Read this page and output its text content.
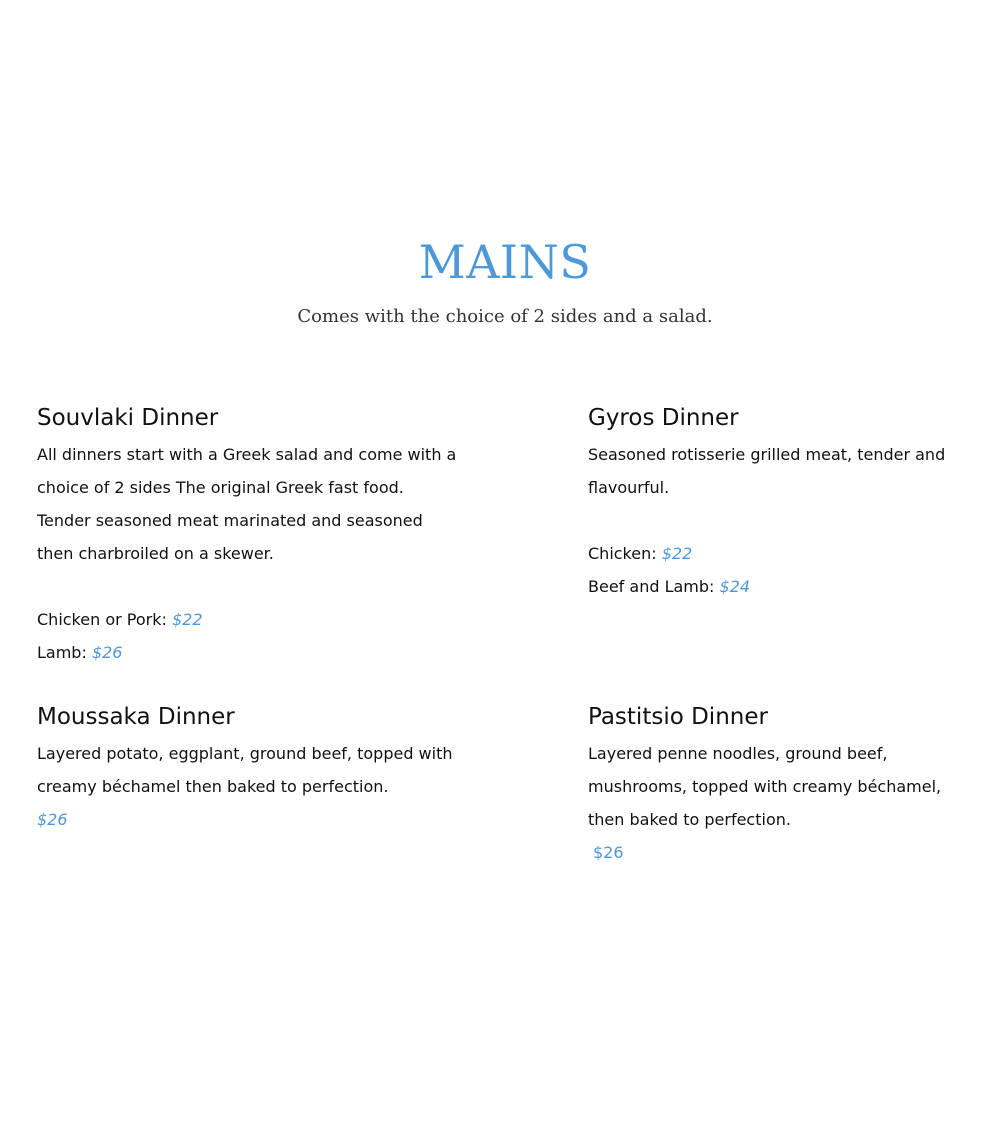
MAINS
Comes with the choice of 2 sides and a salad.
Souvlaki Dinner
All dinners start with a Greek salad and come with a choice of 2 sides The original Greek fast food. Tender seasoned meat marinated and seasoned then charbroiled on a skewer.
Chicken or Pork: $22
Lamb: $26
Gyros Dinner
Seasoned rotisserie grilled meat, tender and flavourful.
Chicken: $22
Beef and Lamb: $24
Moussaka Dinner
Layered potato, eggplant, ground beef, topped with creamy béchamel then baked to perfection.
$26
Pastitsio Dinner
Layered penne noodles, ground beef, mushrooms, topped with creamy béchamel, then baked to perfection.
$26
